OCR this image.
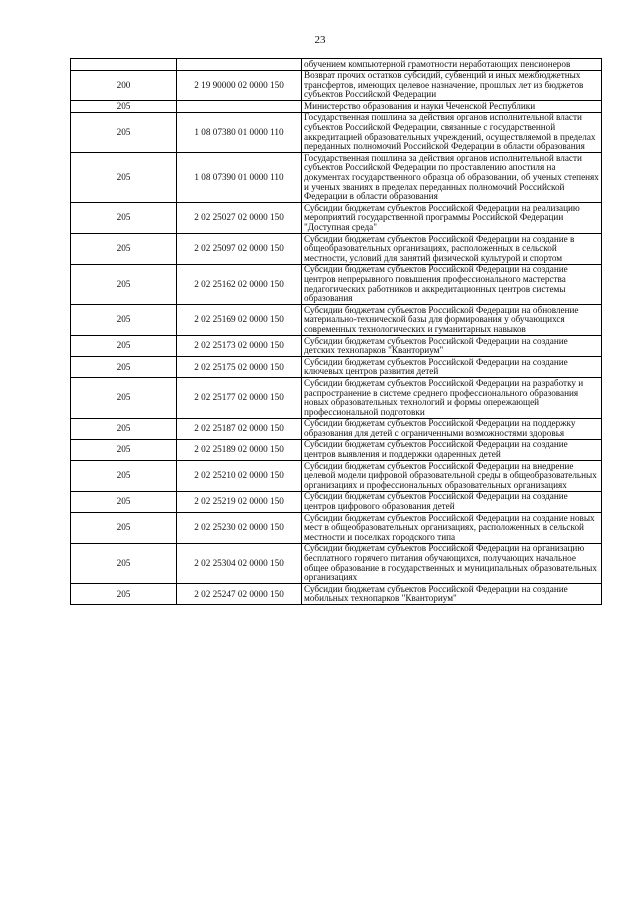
23
		обучением компьютерной грамотности неработающих пенсионеров
200	2 19 90000 02 0000 150	Возврат прочих остатков субсидий, субвенций и иных межбюджетных трансфертов, имеющих целевое назначение, прошлых лет из бюджетов субъектов Российской Федерации
205		Министерство образования и науки Чеченской Республики
205	1 08 07380 01 0000 110	Государственная пошлина за действия органов исполнительной власти субъектов Российской Федерации, связанные с государственной аккредитацией образовательных учреждений, осуществляемой в пределах переданных полномочий Российской Федерации в области образования
205	1 08 07390 01 0000 110	Государственная пошлина за действия органов исполнительной власти субъектов Российской Федерации по проставлению апостиля на документах государственного образца об образовании, об ученых степенях и ученых званиях в пределах переданных полномочий Российской Федерации в области образования
205	2 02 25027 02 0000 150	Субсидии бюджетам субъектов Российской Федерации на реализацию мероприятий государственной программы Российской Федерации "Доступная среда"
205	2 02 25097 02 0000 150	Субсидии бюджетам субъектов Российской Федерации на создание в общеобразовательных организациях, расположенных в сельской местности, условий для занятий физической культурой и спортом
205	2 02 25162 02 0000 150	Субсидии бюджетам субъектов Российской Федерации на создание центров непрерывного повышения профессионального мастерства педагогических работников и аккредитационных центров системы образования
205	2 02 25169 02 0000 150	Субсидии бюджетам субъектов Российской Федерации на обновление материально-технической базы для формирования у обучающихся современных технологических и гуманитарных навыков
205	2 02 25173 02 0000 150	Субсидии бюджетам субъектов Российской Федерации на создание детских технопарков "Кванториум"
205	2 02 25175 02 0000 150	Субсидии бюджетам субъектов Российской Федерации на создание ключевых центров развития детей
205	2 02 25177 02 0000 150	Субсидии бюджетам субъектов Российской Федерации на разработку и распространение в системе среднего профессионального образования новых образовательных технологий и формы опережающей профессиональной подготовки
205	2 02 25187 02 0000 150	Субсидии бюджетам субъектов Российской Федерации на поддержку образования для детей с ограниченными возможностями здоровья
205	2 02 25189 02 0000 150	Субсидии бюджетам субъектов Российской Федерации на создание центров выявления и поддержки одаренных детей
205	2 02 25210 02 0000 150	Субсидии бюджетам субъектов Российской Федерации на внедрение целевой модели цифровой образовательной среды в общеобразовательных организациях и профессиональных образовательных организациях
205	2 02 25219 02 0000 150	Субсидии бюджетам субъектов Российской Федерации на создание центров цифрового образования детей
205	2 02 25230 02 0000 150	Субсидии бюджетам субъектов Российской Федерации на создание новых мест в общеобразовательных организациях, расположенных в сельской местности и поселках городского типа
205	2 02 25304 02 0000 150	Субсидии бюджетам субъектов Российской Федерации на организацию бесплатного горячего питания обучающихся, получающих начальное общее образование в государственных и муниципальных образовательных организациях
205	2 02 25247 02 0000 150	Субсидии бюджетам субъектов Российской Федерации на создание мобильных технопарков "Кванториум"
